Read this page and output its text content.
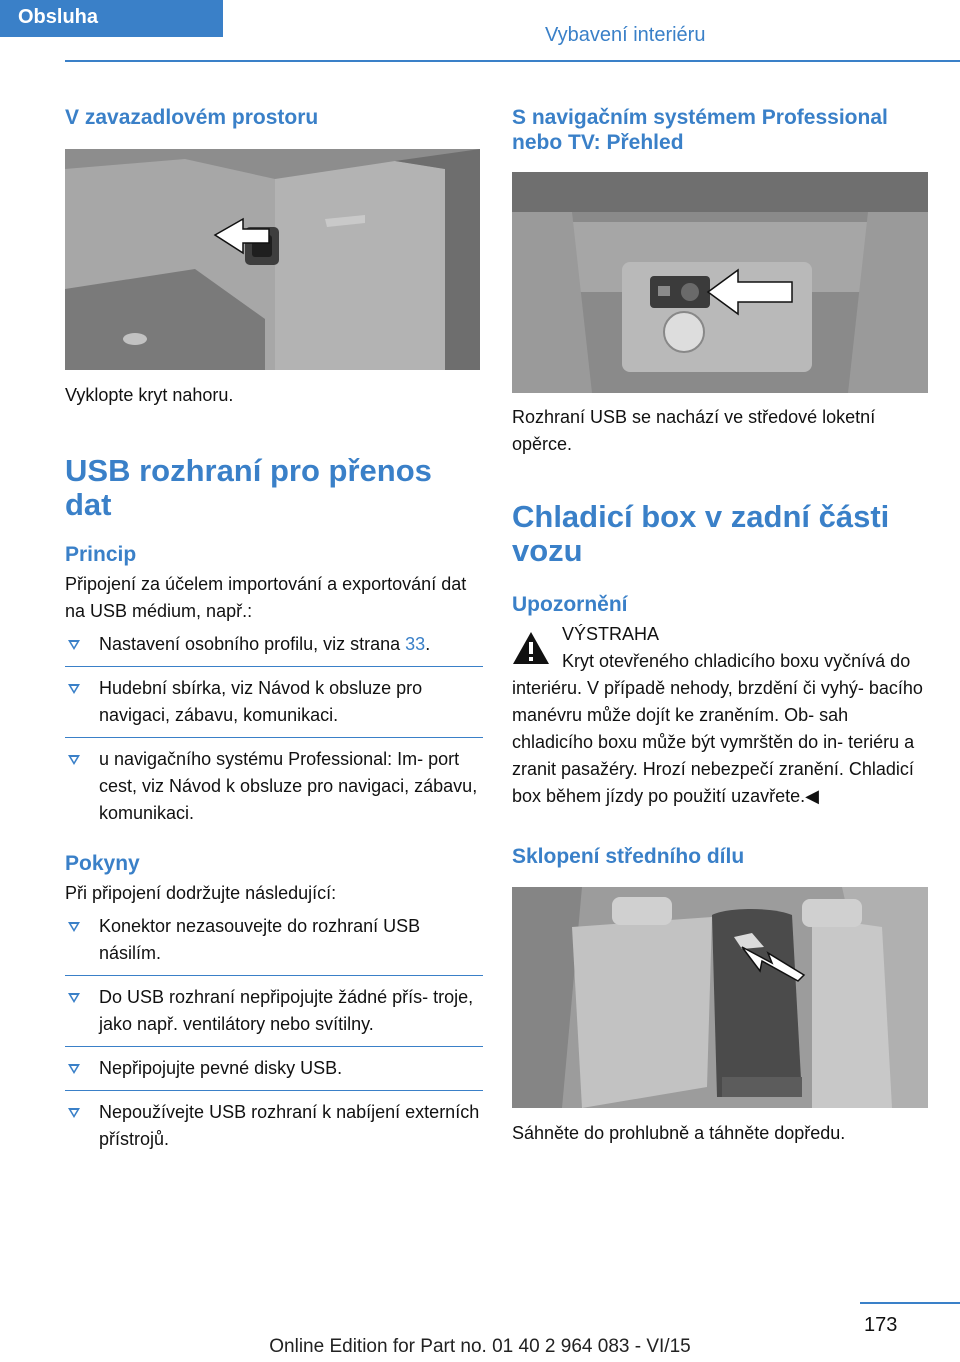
Vybavení interiéru
Obsluha
V zavazadlovém prostoru

Vyklopte kryt nahoru.

USB rozhraní pro přenos dat
Princip

Připojení za účelem importování a exportování dat na USB médium, např.:

Nastavení osobního profilu, viz strana 33.
Hudební sbírka, viz Návod k obsluze pro navigaci, zábavu, komunikaci.
u navigačního systému Professional: Im‐ port cest, viz Návod k obsluze pro navigaci, zábavu, komunikaci.
Pokyny

Při připojení dodržujte následující:

Konektor nezasouvejte do rozhraní USB násilím.
Do USB rozhraní nepřipojujte žádné přís‐ troje, jako např. ventilátory nebo svítilny.
Nepřipojujte pevné disky USB.
Nepoužívejte USB rozhraní k nabíjení externích přístrojů.
S navigačním systémem Professional nebo TV: Přehled

Rozhraní USB se nachází ve středové loketní opěrce.

Chladicí box v zadní části vozu
Upozornění

VÝSTRAHA

Kryt otevřeného chladicího boxu vyčnívá do interiéru. V případě nehody, brzdění či vyhý‐ bacího manévru může dojít ke zraněním. Ob‐ sah chladicího boxu může být vymrštěn do in‐ teriéru a zranit pasažéry. Hrozí nebezpečí zranění. Chladicí box během jízdy po použití uzavřete.◀

Sklopení středního dílu

Sáhněte do prohlubně a táhněte dopředu.

173
Online Edition for Part no. 01 40 2 964 083 - VI/15
